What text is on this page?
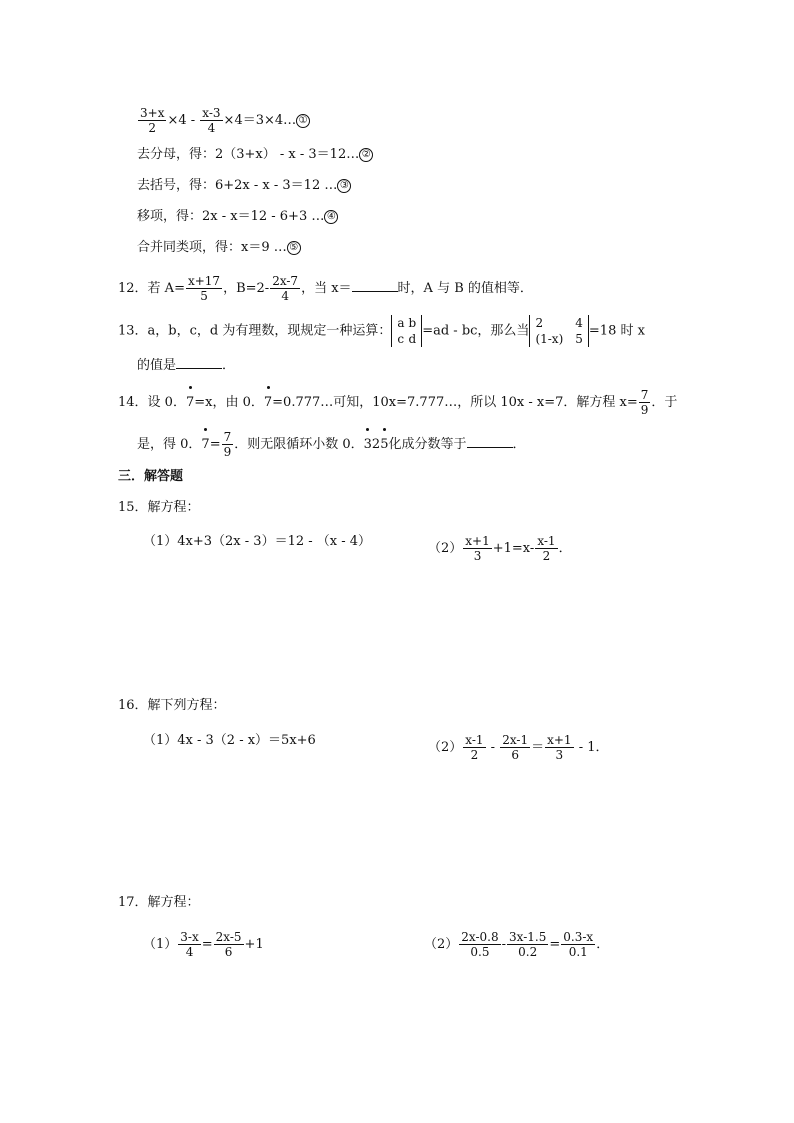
$\frac{3+x}{2} \times 4 - \frac{x-3}{4}$ ×4＝3×4… ①
去分母，得：2（3+x） - x - 3＝12… ②
去括号，得：6+2x - x - 3＝12 … ③
移项，得：2x - x＝12 - 6+3 … ④
合并同类项，得：x＝9 … ⑤
12．若 $A= \frac{x+17}{5}$ ，$B=2- \frac{2x-7}{4}$ ，当 x＝	时，A 与 B 的值相等．
13．a，b，c，d 为有理数，现规定一种运算：
a	b
c	d
=ad - bc，那么当
2	4
(1-x)	5
=18 时 x
的值是	．
14．设 0．7
=x，由 0．7
=0.777…可知，10x=7.777…，所以 10x - x=7．解方程 $x= \frac{7}{9}$ ．于
是，得 0．7
= $\frac{7}{9}$ ．则无限循环小数 0．3
25
化成分数等于	．
三．解答题
15．解方程：
（1）4x+3（2x - 3）＝12 - （x - 4）	$(2) \frac{x+1}{3} +1=x- \frac{x-1}{2}$ ．
16．解下列方程：
（1）4x - 3（2 - x）＝5x+6	$(2) \frac{x-1}{2} - \frac{2x-1}{6} = \frac{x+1}{3} - 1$．
17．解方程：
$(1) \frac{3-x}{4} = \frac{2x-5}{6} +1$	$(2) \frac{2x-0.8}{0.5} - \frac{3x-1.5}{0.2} = \frac{0.3-x}{0.1}$ ．
